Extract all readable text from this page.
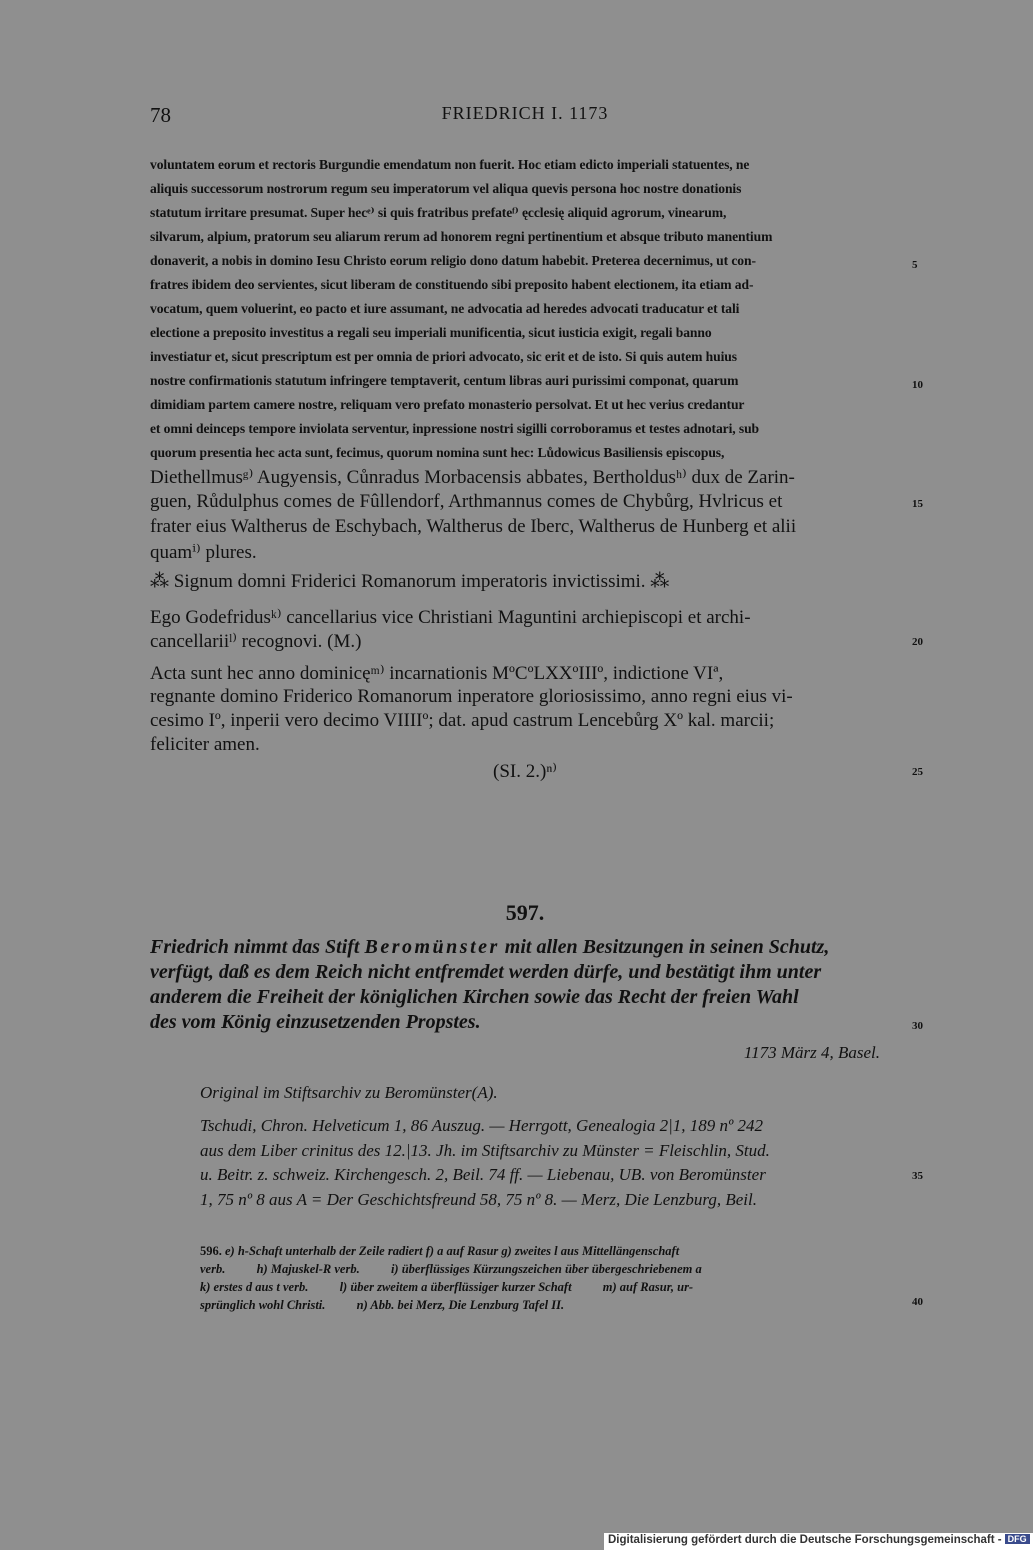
78	FRIEDRICH I. 1173
voluntatem eorum et rectoris Burgundie emendatum non fuerit. Hoc etiam edicto imperiali statuentes, ne
aliquis successorum nostrorum regum seu imperatorum vel aliqua quevis persona hoc nostre donationis
statutum irritare presumat. Super hecᵉ⁾ si quis fratribus prefateᶠ⁾ ęcclesię aliquid agrorum, vinearum,
silvarum, alpium, pratorum seu aliarum rerum ad honorem regni pertinentium et absque tributo manentium
donaverit, a nobis in domino Iesu Christo eorum religio dono datum habebit. Preterea decernimus, ut con-
fratres ibidem deo servientes, sicut liberam de constituendo sibi preposito habent electionem, ita etiam ad-
vocatum, quem voluerint, eo pacto et iure assumant, ne advocatia ad heredes advocati traducatur et tali
electione a preposito investitus a regali seu imperiali munificentia, sicut iusticia exigit, regali banno
investiatur et, sicut prescriptum est per omnia de priori advocato, sic erit et de isto. Si quis autem huius
nostre confirmationis statutum infringere temptaverit, centum libras auri purissimi componat, quarum
dimidiam partem camere nostre, reliquam vero prefato monasterio persolvat. Et ut hec verius credantur
et omni deinceps tempore inviolata serventur, inpressione nostri sigilli corroboramus et testes adnotari, sub
quorum presentia hec acta sunt, fecimus, quorum nomina sunt hec: Lůdowicus Basiliensis episcopus,
Diethellmusᵍ⁾ Augyensis, Cůnradus Morbacensis abbates, Bertholdusʰ⁾ dux de Zarin-
guen, Růdulphus comes de Fûllendorf, Arthmannus comes de Chybůrg, Hvlricus et
frater eius Waltherus de Eschybach, Waltherus de Iberc, Waltherus de Hunberg et alii
quamⁱ⁾ plures.
⁂ Signum domni Friderici Romanorum imperatoris invictissimi. ⁂
Ego Godefridusᵏ⁾ cancellarius vice Christiani Maguntini archiepiscopi et archi-
cancellariiˡ⁾ recognovi. (M.)
Acta sunt hec anno dominicęᵐ⁾ incarnationis MºCºLXXºIIIº, indictione VIª,
regnante domino Friderico Romanorum inperatore gloriosissimo, anno regni eius vi-
cesimo Iº, inperii vero decimo VIIIIº; dat. apud castrum Lencebůrg Xº kal. marcii;
feliciter amen.
(SI. 2.)ⁿ⁾
5
10
15
20
25
30
35
40
597.
Friedrich nimmt das Stift Beromünster mit allen Besitzungen in seinen Schutz,
verfügt, daß es dem Reich nicht entfremdet werden dürfe, und bestätigt ihm unter
anderem die Freiheit der königlichen Kirchen sowie das Recht der freien Wahl
des vom König einzusetzenden Propstes.
1173 März 4, Basel.
Original im Stiftsarchiv zu Beromünster(A).
Tschudi, Chron. Helveticum 1, 86 Auszug. — Herrgott, Genealogia 2|1, 189 nº 242
aus dem Liber crinitus des 12.|13. Jh. im Stiftsarchiv zu Münster = Fleischlin, Stud.
u. Beitr. z. schweiz. Kirchengesch. 2, Beil. 74 ff. — Liebenau, UB. von Beromünster
1, 75 nº 8 aus A = Der Geschichtsfreund 58, 75 nº 8. — Merz, Die Lenzburg, Beil.
596. e) h-Schaft unterhalb der Zeile radiert f) a auf Rasur g) zweites l aus Mittellängenschaft
verb.          h) Majuskel-R verb.          i) überflüssiges Kürzungszeichen über übergeschriebenem a
k) erstes d aus t verb.          l) über zweitem a überflüssiger kurzer Schaft          m) auf Rasur, ur-
sprünglich wohl Christi.          n) Abb. bei Merz, Die Lenzburg Tafel II.
Digitalisierung gefördert durch die Deutsche Forschungsgemeinschaft - DFG
